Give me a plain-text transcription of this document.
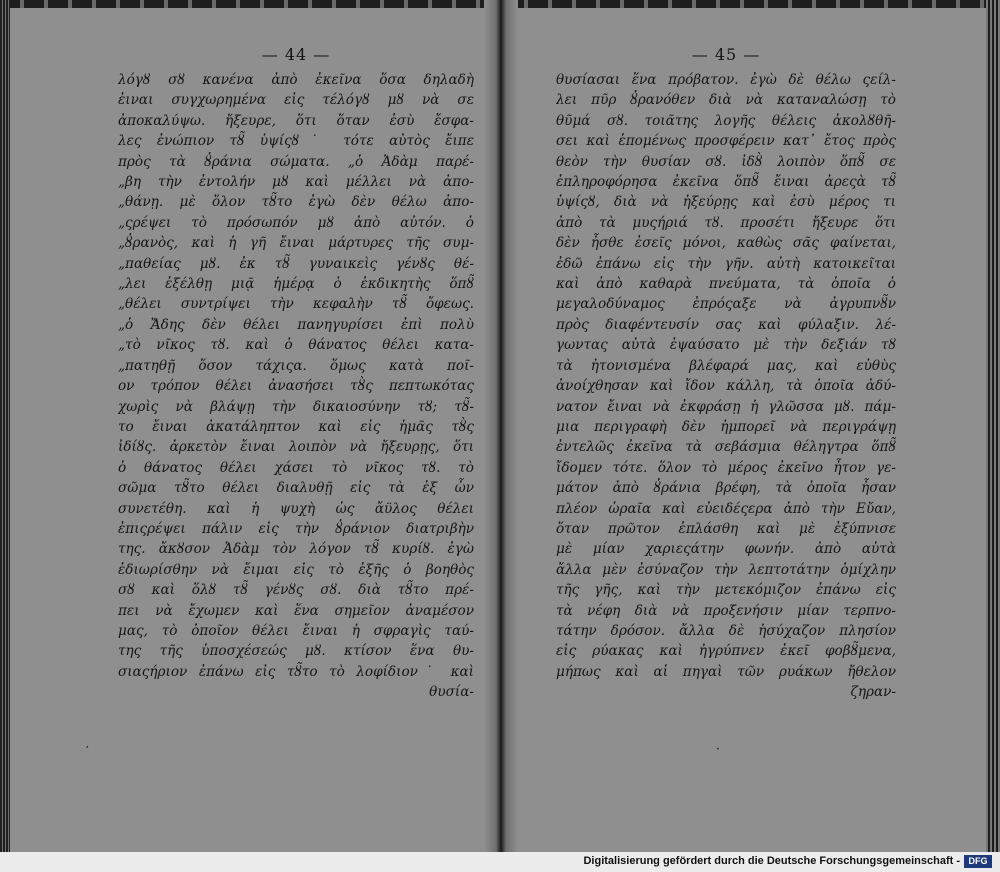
— 44 —
λόγȣ σȣ κανένα ἀπὸ ἐκεῖνα ὅσα δηλαδὴ
ἐιναι συγχωρημένα εἰς τέλόγȣ μȣ νὰ σε
ἀποκαλύψω. ἤξευρε, ὅτι ὅταν ἐσὺ ἔσφα-
λες ἐνώπιον τȣ̃ ὑψίςȣ˙ τότε αὐτὸς ἔιπε
πρὸς τὰ ȣ̓ράνια σώματα. „ὁ Ἀδὰμ παρέ-
„βη τὴν ἐντολήν μȣ καὶ μέλλει νὰ ἀπο-
„θάνῃ. μὲ ὅλον τȣ̃το ἐγὼ δὲν θέλω ἀπο-
„ςρέψει τὸ πρόσωπόν μȣ ἀπὸ αὐτόν. ὁ
„ȣ̓ρανὸς, καὶ ἡ γῆ ἔιναι μάρτυρες τῆς συμ-
„παθείας μȣ. ἐκ τȣ̃ γυναικεὶς γένȣς θέ-
„λει ἐξέλθῃ μιᾷ ἡμέρᾳ ὁ ἐκδικητὴς ὅπȣ̃
„θέλει συντρίψει τὴν κεφαλὴν τȣ̃ ὄφεως.
„ὁ Ἄδης δὲν θέλει πανηγυρίσει ἐπὶ πολὺ
„τὸ νῖκος τȣ. καὶ ὁ θάνατος θέλει κατα-
„πατηθῇ ὅσον τάχιςα. ὅμως κατὰ ποῖ-
ον τρόπον θέλει ἀνασήσει τȣ̀ς πεπτωκότας
χωρὶς νὰ βλάψῃ τὴν δικαιοσύνην τȣ; τȣ̃-
το ἔιναι ἀκατάληπτον καὶ εἰς ἡμᾶς τȣ̀ς
ἰδίȣς. ἀρκετὸν ἔιναι λοιπὸν νὰ ἤξευρῃς, ὅτι
ὁ θάνατος θέλει χάσει τὸ νῖκος τȣ. τὸ
σῶμα τȣ̃το θέλει διαλυθῇ εἰς τὰ ἐξ ὧν
συνετέθη. καὶ ἡ ψυχὴ ὡς ἄϋλος θέλει
ἐπιςρέψει πάλιν εἰς τὴν ȣ̓ράνιον διατριβὴν
της. ἄκȣσον Ἀδὰμ τὸν λόγον τȣ̃ κυρίȣ. ἐγὼ
ἐδιωρίσθην νὰ ἔιμαι εἰς τὸ ἑξῆς ὁ βοηθὸς
σȣ καὶ ὅλȣ τȣ̃ γένȣς σȣ. διὰ τȣ̃το πρέ-
πει νὰ ἔχωμεν καὶ ἕνα σημεῖον ἀναμέσον
μας, τὸ ὁποῖον θέλει ἔιναι ἡ σφραγὶς ταύ-
της τῆς ὑποσχέσεώς μȣ. κτίσον ἕνα θυ-
σιαςήριον ἐπάνω εἰς τȣ̃το τὸ λοφίδιον˙ καὶ
θυσία-
— 45 —
θυσίασαι ἕνα πρόβατον. ἐγὼ δὲ θέλω ςείλ-
λει πῦρ ȣ̓ρανόθεν διὰ νὰ καταναλώσῃ τὸ
θῦμά σȣ. τοιᾶτης λογῆς θέλεις ἀκολȣθῆ-
σει καὶ ἑπομένως προσφέρειν κατ᾽ ἔτος πρὸς
θεὸν τὴν θυσίαν σȣ. ἰδȣ̀ λοιπὸν ὅπȣ̃ σε
ἐπληροφόρησα ἐκεῖνα ὅπȣ̃ ἔιναι ἀρεςὰ τȣ̃
ὑψίςȣ, διὰ νὰ ἠξεύρῃς καὶ ἐσὺ μέρος τι
ἀπὸ τὰ μυςήριά τȣ. προσέτι ἤξευρε ὅτι
δὲν ἦσθε ἐσεῖς μόνοι, καθὼς σᾶς φαίνεται,
ἐδῶ ἐπάνω εἰς τὴν γῆν. αὐτὴ κατοικεῖται
καὶ ἀπὸ καθαρὰ πνεύματα, τὰ ὁποῖα ὁ
μεγαλοδύναμος ἐπρόςαξε νὰ ἀγρυπνȣ̃ν
πρὸς διαφέντευσίν σας καὶ φύλαξιν. λέ-
γωντας αὐτὰ ἐψαύσατο μὲ τὴν δεξιάν τȣ
τὰ ἠτονισμένα βλέφαρά μας, καὶ εὐθὺς
ἀνοίχθησαν καὶ ἴδον κάλλη, τὰ ὁποῖα ἀδύ-
νατον ἔιναι νὰ ἐκφράσῃ ἡ γλῶσσα μȣ. πάμ-
μια περιγραφὴ δὲν ἠμπορεῖ νὰ περιγράψῃ
ἐντελῶς ἐκεῖνα τὰ σεβάσμια θέληγτρα ὅπȣ̃
ἴδομεν τότε. ὅλον τὸ μέρος ἐκεῖνο ἦτον γε-
μάτον ἀπὸ ȣ̓ράνια βρέφη, τὰ ὁποῖα ἦσαν
πλέον ὡραῖα καὶ εὐειδέςερα ἀπὸ τὴν Εὔαν,
ὅταν πρῶτον ἐπλάσθη καὶ μὲ ἐξύπνισε
μὲ μίαν χαριεςάτην φωνήν. ἀπὸ αὐτὰ
ἄλλα μὲν ἐσύναζον τὴν λεπτοτάτην ὁμίχλην
τῆς γῆς, καὶ τὴν μετεκόμιζον ἐπάνω εἰς
τὰ νέφη διὰ νὰ προξενήσιν μίαν τερπνο-
τάτην δρόσον. ἄλλα δὲ ἡσύχαζον πλησίον
εἰς ρύακας καὶ ἠγρύπνεν ἐκεῖ φοβȣ̃μενα,
μήπως καὶ αἱ πηγαὶ τῶν ρυάκων ἤθελον
ζηραν-
′	·
Digitalisierung gefördert durch die Deutsche Forschungsgemeinschaft - DFG
